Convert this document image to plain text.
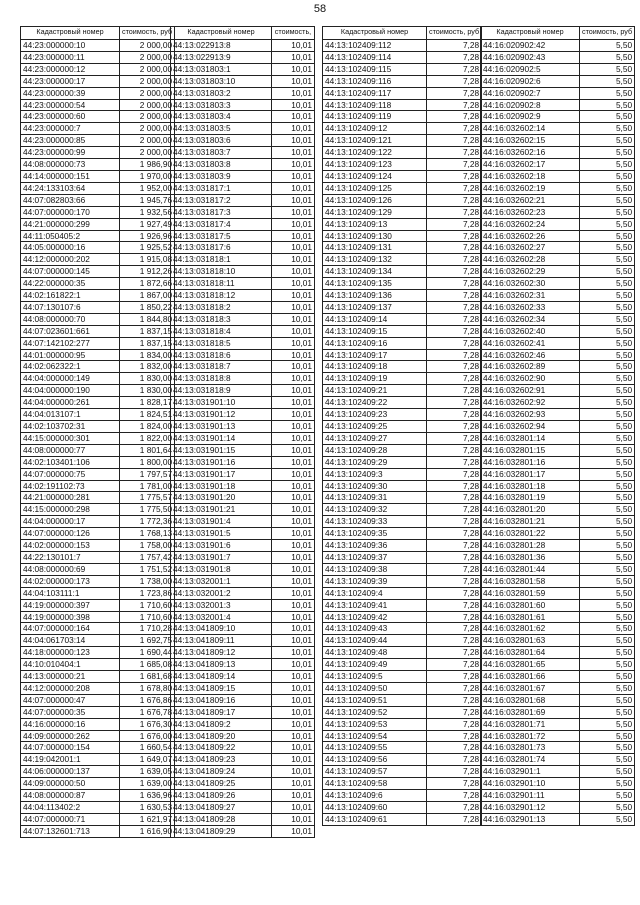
58
Кадастровый номер	стоимость, руб
44:23:000000:10	2 000,00
44:23:000000:11	2 000,00
44:23:000000:12	2 000,00
44:23:000000:17	2 000,00
44:23:000000:39	2 000,00
44:23:000000:54	2 000,00
44:23:000000:60	2 000,00
44:23:000000:7	2 000,00
44:23:000000:85	2 000,00
44:23:000000:99	2 000,00
44:08:000000:73	1 986,90
44:14:000000:151	1 970,00
44:24:133103:64	1 952,00
44:07:082803:66	1 945,76
44:07:000000:170	1 932,56
44:21:000000:299	1 927,49
44:11:050405:2	1 926,96
44:05:000000:16	1 925,52
44:12:000000:202	1 915,08
44:07:000000:145	1 912,26
44:22:000000:35	1 872,66
44:02:161822:1	1 867,00
44:07:130107:6	1 850,22
44:08:000000:70	1 844,80
44:07:023601:661	1 837,15
44:07:142102:277	1 837,15
44:01:000000:95	1 834,00
44:02:062322:1	1 832,00
44:04:000000:149	1 830,00
44:04:000000:190	1 830,00
44:04:000000:261	1 828,17
44:04:013107:1	1 824,51
44:02:103702:31	1 824,00
44:15:000000:301	1 822,00
44:08:000000:77	1 801,64
44:02:103401:106	1 800,00
44:07:000000:75	1 797,57
44:02:191102:73	1 781,00
44:21:000000:281	1 775,57
44:15:000000:298	1 775,50
44:04:000000:17	1 772,36
44:07:000000:126	1 768,13
44:02:000000:153	1 758,00
44:22:130101:7	1 757,42
44:08:000000:69	1 751,52
44:02:000000:173	1 738,00
44:04:103111:1	1 723,86
44:19:000000:397	1 710,60
44:19:000000:398	1 710,60
44:07:000000:164	1 710,28
44:04:061703:14	1 692,75
44:18:000000:123	1 690,44
44:10:010404:1	1 685,08
44:13:000000:21	1 681,68
44:12:000000:208	1 678,80
44:07:000000:47	1 676,86
44:07:000000:35	1 676,78
44:16:000000:16	1 676,30
44:09:000000:262	1 676,00
44:07:000000:154	1 660,54
44:19:042001:1	1 649,07
44:06:000000:137	1 639,05
44:09:000000:50	1 639,00
44:08:000000:87	1 636,96
44:04:113402:2	1 630,53
44:07:000000:71	1 621,97
44:07:132601:713	1 616,90
Кадастровый номер	стоимость,
44:13:022913:8	10,01
44:13:022913:9	10,01
44:13:031803:1	10,01
44:13:031803:10	10,01
44:13:031803:2	10,01
44:13:031803:3	10,01
44:13:031803:4	10,01
44:13:031803:5	10,01
44:13:031803:6	10,01
44:13:031803:7	10,01
44:13:031803:8	10,01
44:13:031803:9	10,01
44:13:031817:1	10,01
44:13:031817:2	10,01
44:13:031817:3	10,01
44:13:031817:4	10,01
44:13:031817:5	10,01
44:13:031817:6	10,01
44:13:031818:1	10,01
44:13:031818:10	10,01
44:13:031818:11	10,01
44:13:031818:12	10,01
44:13:031818:2	10,01
44:13:031818:3	10,01
44:13:031818:4	10,01
44:13:031818:5	10,01
44:13:031818:6	10,01
44:13:031818:7	10,01
44:13:031818:8	10,01
44:13:031818:9	10,01
44:13:031901:10	10,01
44:13:031901:12	10,01
44:13:031901:13	10,01
44:13:031901:14	10,01
44:13:031901:15	10,01
44:13:031901:16	10,01
44:13:031901:17	10,01
44:13:031901:18	10,01
44:13:031901:20	10,01
44:13:031901:21	10,01
44:13:031901:4	10,01
44:13:031901:5	10,01
44:13:031901:6	10,01
44:13:031901:7	10,01
44:13:031901:8	10,01
44:13:032001:1	10,01
44:13:032001:2	10,01
44:13:032001:3	10,01
44:13:032001:4	10,01
44:13:041809:10	10,01
44:13:041809:11	10,01
44:13:041809:12	10,01
44:13:041809:13	10,01
44:13:041809:14	10,01
44:13:041809:15	10,01
44:13:041809:16	10,01
44:13:041809:17	10,01
44:13:041809:2	10,01
44:13:041809:20	10,01
44:13:041809:22	10,01
44:13:041809:23	10,01
44:13:041809:24	10,01
44:13:041809:25	10,01
44:13:041809:26	10,01
44:13:041809:27	10,01
44:13:041809:28	10,01
44:13:041809:29	10,01
Кадастровый номер	стоимость, руб
44:13:102409:112	7,28
44:13:102409:114	7,28
44:13:102409:115	7,28
44:13:102409:116	7,28
44:13:102409:117	7,28
44:13:102409:118	7,28
44:13:102409:119	7,28
44:13:102409:12	7,28
44:13:102409:121	7,28
44:13:102409:122	7,28
44:13:102409:123	7,28
44:13:102409:124	7,28
44:13:102409:125	7,28
44:13:102409:126	7,28
44:13:102409:129	7,28
44:13:102409:13	7,28
44:13:102409:130	7,28
44:13:102409:131	7,28
44:13:102409:132	7,28
44:13:102409:134	7,28
44:13:102409:135	7,28
44:13:102409:136	7,28
44:13:102409:137	7,28
44:13:102409:14	7,28
44:13:102409:15	7,28
44:13:102409:16	7,28
44:13:102409:17	7,28
44:13:102409:18	7,28
44:13:102409:19	7,28
44:13:102409:21	7,28
44:13:102409:22	7,28
44:13:102409:23	7,28
44:13:102409:25	7,28
44:13:102409:27	7,28
44:13:102409:28	7,28
44:13:102409:29	7,28
44:13:102409:3	7,28
44:13:102409:30	7,28
44:13:102409:31	7,28
44:13:102409:32	7,28
44:13:102409:33	7,28
44:13:102409:35	7,28
44:13:102409:36	7,28
44:13:102409:37	7,28
44:13:102409:38	7,28
44:13:102409:39	7,28
44:13:102409:4	7,28
44:13:102409:41	7,28
44:13:102409:42	7,28
44:13:102409:43	7,28
44:13:102409:44	7,28
44:13:102409:48	7,28
44:13:102409:49	7,28
44:13:102409:5	7,28
44:13:102409:50	7,28
44:13:102409:51	7,28
44:13:102409:52	7,28
44:13:102409:53	7,28
44:13:102409:54	7,28
44:13:102409:55	7,28
44:13:102409:56	7,28
44:13:102409:57	7,28
44:13:102409:58	7,28
44:13:102409:6	7,28
44:13:102409:60	7,28
44:13:102409:61	7,28
Кадастровый номер	стоимость, руб
44:16:020902:42	5,50
44:16:020902:43	5,50
44:16:020902:5	5,50
44:16:020902:6	5,50
44:16:020902:7	5,50
44:16:020902:8	5,50
44:16:020902:9	5,50
44:16:032602:14	5,50
44:16:032602:15	5,50
44:16:032602:16	5,50
44:16:032602:17	5,50
44:16:032602:18	5,50
44:16:032602:19	5,50
44:16:032602:21	5,50
44:16:032602:23	5,50
44:16:032602:24	5,50
44:16:032602:26	5,50
44:16:032602:27	5,50
44:16:032602:28	5,50
44:16:032602:29	5,50
44:16:032602:30	5,50
44:16:032602:31	5,50
44:16:032602:33	5,50
44:16:032602:34	5,50
44:16:032602:40	5,50
44:16:032602:41	5,50
44:16:032602:46	5,50
44:16:032602:89	5,50
44:16:032602:90	5,50
44:16:032602:91	5,50
44:16:032602:92	5,50
44:16:032602:93	5,50
44:16:032602:94	5,50
44:16:032801:14	5,50
44:16:032801:15	5,50
44:16:032801:16	5,50
44:16:032801:17	5,50
44:16:032801:18	5,50
44:16:032801:19	5,50
44:16:032801:20	5,50
44:16:032801:21	5,50
44:16:032801:22	5,50
44:16:032801:28	5,50
44:16:032801:36	5,50
44:16:032801:44	5,50
44:16:032801:58	5,50
44:16:032801:59	5,50
44:16:032801:60	5,50
44:16:032801:61	5,50
44:16:032801:62	5,50
44:16:032801:63	5,50
44:16:032801:64	5,50
44:16:032801:65	5,50
44:16:032801:66	5,50
44:16:032801:67	5,50
44:16:032801:68	5,50
44:16:032801:69	5,50
44:16:032801:71	5,50
44:16:032801:72	5,50
44:16:032801:73	5,50
44:16:032801:74	5,50
44:16:032901:1	5,50
44:16:032901:10	5,50
44:16:032901:11	5,50
44:16:032901:12	5,50
44:16:032901:13	5,50
